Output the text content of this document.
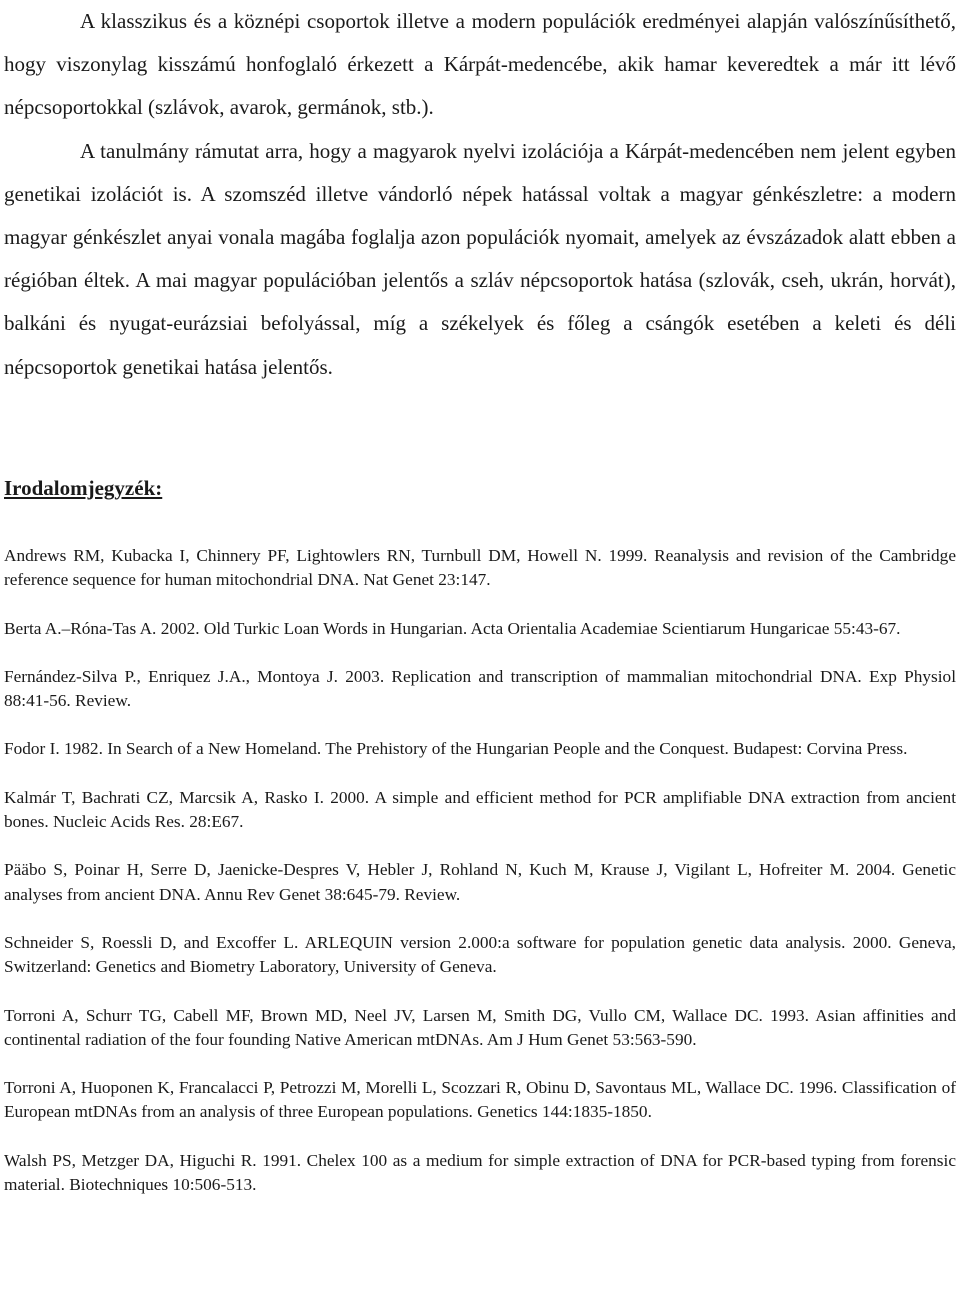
A klasszikus és a köznépi csoportok illetve a modern populációk eredményei alapján valószínűsíthető, hogy viszonylag kisszámú honfoglaló érkezett a Kárpát-medencébe, akik hamar keveredtek a már itt lévő népcsoportokkal (szlávok, avarok, germánok, stb.).
A tanulmány rámutat arra, hogy a magyarok nyelvi izolációja a Kárpát-medencében nem jelent egyben genetikai izolációt is. A szomszéd illetve vándorló népek hatással voltak a magyar génkészletre: a modern magyar génkészlet anyai vonala magába foglalja azon populációk nyomait, amelyek az évszázadok alatt ebben a régióban éltek. A mai magyar populációban jelentős a szláv népcsoportok hatása (szlovák, cseh, ukrán, horvát), balkáni és nyugat-eurázsiai befolyással, míg a székelyek és főleg a csángók esetében a keleti és déli népcsoportok genetikai hatása jelentős.

Irodalomjegyzék:
Andrews RM, Kubacka I, Chinnery PF, Lightowlers RN, Turnbull DM, Howell N. 1999. Reanalysis and revision of the Cambridge reference sequence for human mitochondrial DNA. Nat Genet 23:147.
Berta A.–Róna-Tas A. 2002. Old Turkic Loan Words in Hungarian. Acta Orientalia Academiae Scientiarum Hungaricae 55:43-67.
Fernández-Silva P., Enriquez J.A., Montoya J. 2003. Replication and transcription of mammalian mitochondrial DNA. Exp Physiol 88:41-56. Review.
Fodor I. 1982. In Search of a New Homeland. The Prehistory of the Hungarian People and the Conquest. Budapest: Corvina Press.
Kalmár T, Bachrati CZ, Marcsik A, Rasko I. 2000. A simple and efficient method for PCR amplifiable DNA extraction from ancient bones. Nucleic Acids Res. 28:E67.
Pääbo S, Poinar H, Serre D, Jaenicke-Despres V, Hebler J, Rohland N, Kuch M, Krause J, Vigilant L, Hofreiter M. 2004. Genetic analyses from ancient DNA. Annu Rev Genet 38:645-79. Review.
Schneider S, Roessli D, and Excoffer L. ARLEQUIN version 2.000:a software for population genetic data analysis. 2000. Geneva, Switzerland: Genetics and Biometry Laboratory, University of Geneva.
Torroni A, Schurr TG, Cabell MF, Brown MD, Neel JV, Larsen M, Smith DG, Vullo CM, Wallace DC. 1993. Asian affinities and continental radiation of the four founding Native American mtDNAs. Am J Hum Genet 53:563-590.
Torroni A, Huoponen K, Francalacci P, Petrozzi M, Morelli L, Scozzari R, Obinu D, Savontaus ML, Wallace DC. 1996. Classification of European mtDNAs from an analysis of three European populations. Genetics 144:1835-1850.
Walsh PS, Metzger DA, Higuchi R. 1991. Chelex 100 as a medium for simple extraction of DNA for PCR-based typing from forensic material. Biotechniques 10:506-513.
